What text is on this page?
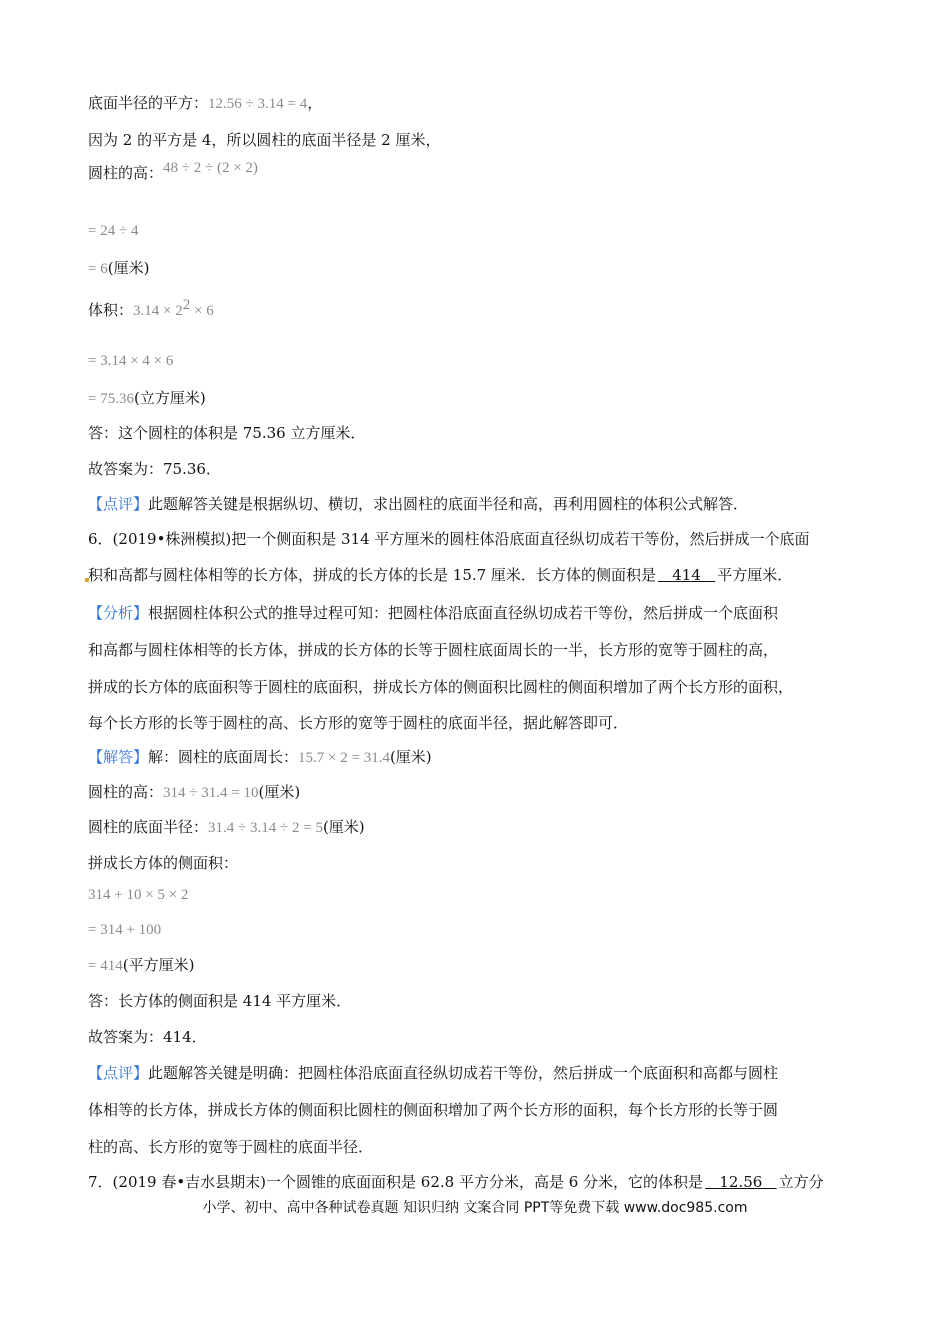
底面半径的平方：12.56 ÷ 3.14 = 4，
因为 2 的平方是 4，所以圆柱的底面半径是 2 厘米，
圆柱的高：48 ÷ 2 ÷ (2 × 2)
= 24 ÷ 4
= 6(厘米)
体积：$3.14 \times 2^2 \times 6$
= 3.14 × 4 × 6
= 75.36(立方厘米)
答：这个圆柱的体积是 75.36 立方厘米．
故答案为：75.36．
【点评】此题解答关键是根据纵切、横切，求出圆柱的底面半径和高，再利用圆柱的体积公式解答．
6．(2019•株洲模拟)把一个侧面积是 314 平方厘米的圆柱体沿底面直径纵切成若干等份，然后拼成一个底面
积和高都与圆柱体相等的长方体，拼成的长方体的长是 15.7 厘米．长方体的侧面积是 414 平方厘米．
【分析】根据圆柱体积公式的推导过程可知：把圆柱体沿底面直径纵切成若干等份，然后拼成一个底面积
和高都与圆柱体相等的长方体，拼成的长方体的长等于圆柱底面周长的一半，长方形的宽等于圆柱的高，
拼成的长方体的底面积等于圆柱的底面积，拼成长方体的侧面积比圆柱的侧面积增加了两个长方形的面积，
每个长方形的长等于圆柱的高、长方形的宽等于圆柱的底面半径，据此解答即可．
【解答】解：圆柱的底面周长：15.7 × 2 = 31.4(厘米)
圆柱的高：314 ÷ 31.4 = 10(厘米)
圆柱的底面半径：31.4 ÷ 3.14 ÷ 2 = 5(厘米)
拼成长方体的侧面积：
314 + 10 × 5 × 2
= 314 + 100
= 414(平方厘米)
答：长方体的侧面积是 414 平方厘米．
故答案为：414．
【点评】此题解答关键是明确：把圆柱体沿底面直径纵切成若干等份，然后拼成一个底面积和高都与圆柱
体相等的长方体，拼成长方体的侧面积比圆柱的侧面积增加了两个长方形的面积，每个长方形的长等于圆
柱的高、长方形的宽等于圆柱的底面半径．
7．(2019 春•吉水县期末)一个圆锥的底面面积是 62.8 平方分米，高是 6 分米，它的体积是 12.56 立方分
小学、初中、高中各种试卷真题 知识归纳 文案合同 PPT等免费下载 www.doc985.com
